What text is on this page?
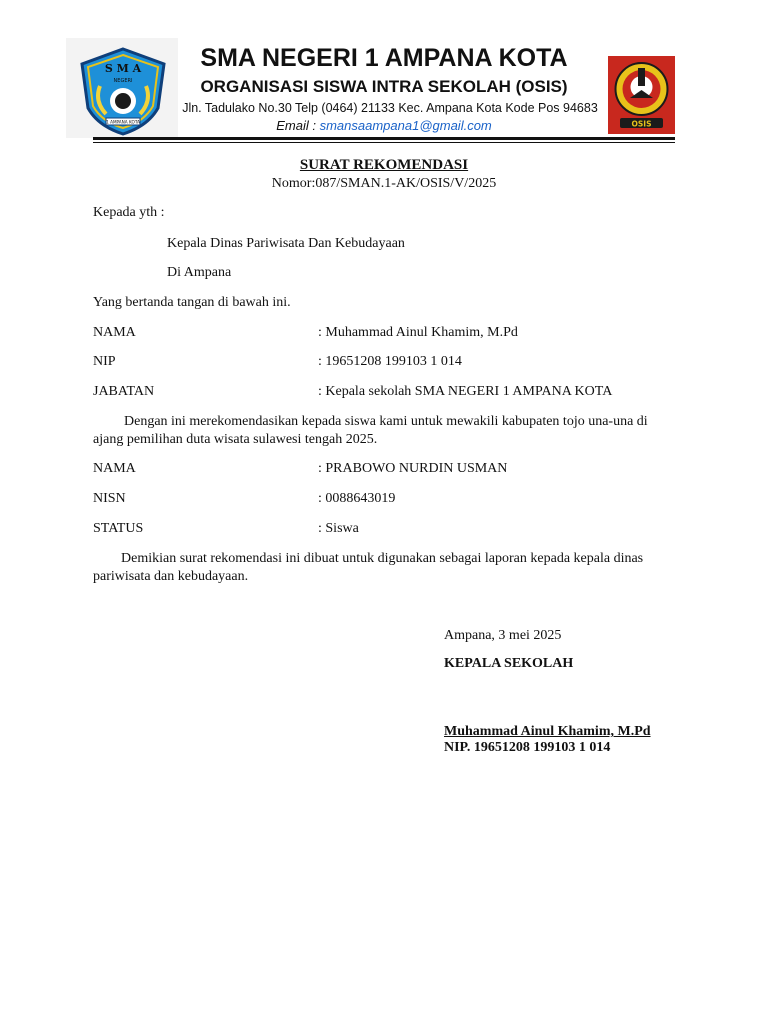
S M A
NEGERI
1 AMPANA KOTA
SMA NEGERI 1 AMPANA KOTA
ORGANISASI SISWA INTRA SEKOLAH (OSIS)
Jln. Tadulako No.30 Telp (0464) 21133 Kec. Ampana Kota Kode Pos 94683
Email : smansaampana1@gmail.com	OSIS
SURAT REKOMENDASI
Nomor:087/SMAN.1-AK/OSIS/V/2025
Kepada yth :
Kepala Dinas Pariwisata Dan Kebudayaan
Di Ampana
Yang bertanda tangan di bawah ini.
NAMA	: Muhammad Ainul Khamim, M.Pd
NIP	: 19651208 199103 1 014
JABATAN	: Kepala sekolah SMA NEGERI 1 AMPANA KOTA
Dengan ini merekomendasikan kepada siswa kami untuk mewakili kabupaten tojo una-una di
ajang pemilihan duta wisata sulawesi tengah 2025.
NAMA	: PRABOWO NURDIN USMAN
NISN	: 0088643019
STATUS	: Siswa
Demikian surat rekomendasi ini dibuat untuk digunakan sebagai laporan kepada kepala dinas
pariwisata dan kebudayaan.
Ampana, 3 mei 2025
KEPALA SEKOLAH
Muhammad Ainul Khamim, M.Pd
NIP. 19651208 199103 1 014
